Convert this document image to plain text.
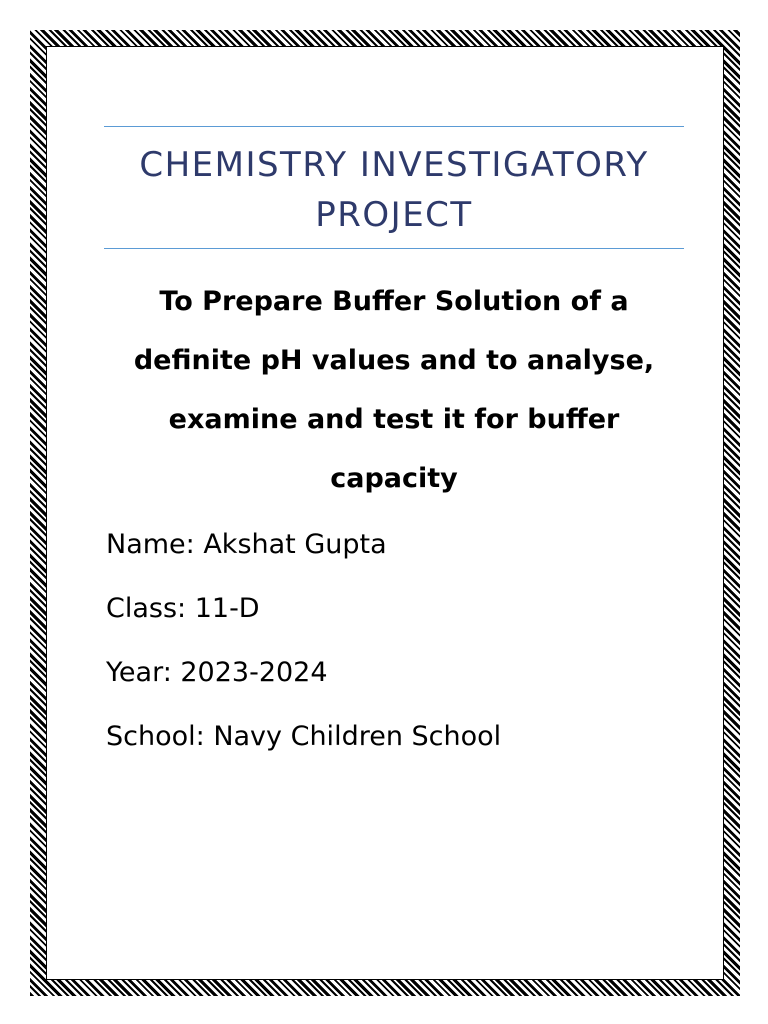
CHEMISTRY INVESTIGATORY PROJECT

To Prepare Buffer Solution of a definite pH values and to analyse, examine and test it for buffer capacity

Name: Akshat Gupta
Class: 11-D
Year: 2023-2024
School: Navy Children School
